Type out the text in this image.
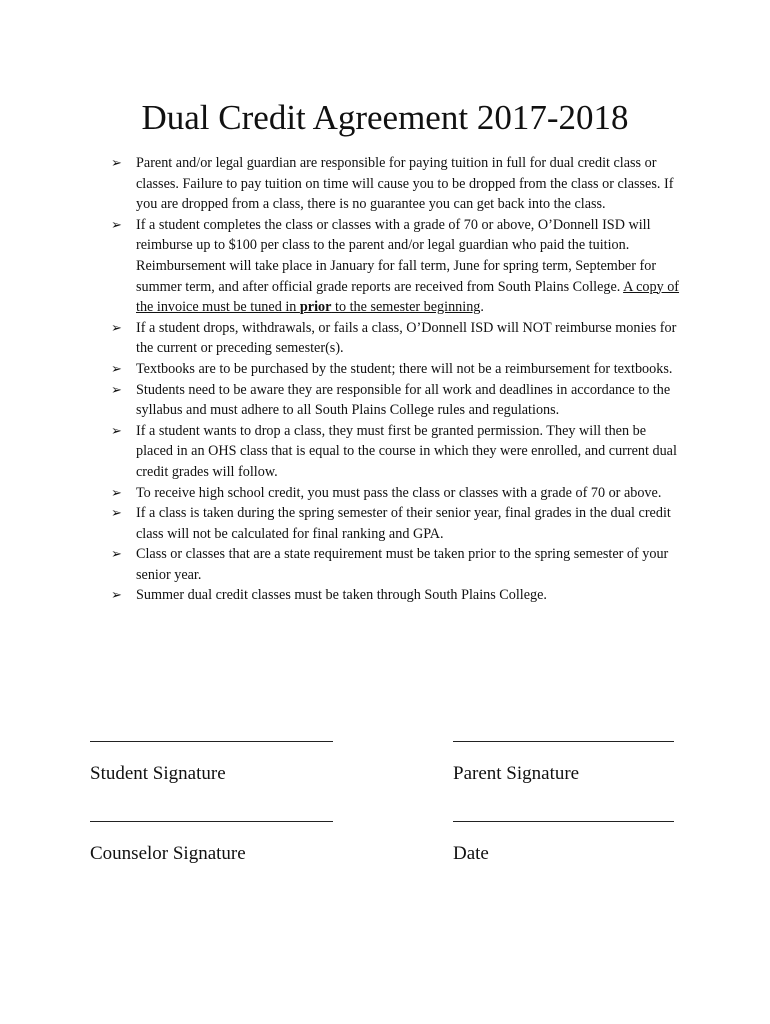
Dual Credit Agreement 2017-2018
➢ Parent and/or legal guardian are responsible for paying tuition in full for dual credit class or classes. Failure to pay tuition on time will cause you to be dropped from the class or classes. If you are dropped from a class, there is no guarantee you can get back into the class.
➢ If a student completes the class or classes with a grade of 70 or above, O’Donnell ISD will reimburse up to $100 per class to the parent and/or legal guardian who paid the tuition. Reimbursement will take place in January for fall term, June for spring term, September for summer term, and after official grade reports are received from South Plains College. A copy of the invoice must be tuned in prior to the semester beginning.
➢ If a student drops, withdrawals, or fails a class, O’Donnell ISD will NOT reimburse monies for the current or preceding semester(s).
➢ Textbooks are to be purchased by the student; there will not be a reimbursement for textbooks.
➢ Students need to be aware they are responsible for all work and deadlines in accordance to the syllabus and must adhere to all South Plains College rules and regulations.
➢ If a student wants to drop a class, they must first be granted permission. They will then be placed in an OHS class that is equal to the course in which they were enrolled, and current dual credit grades will follow.
➢ To receive high school credit, you must pass the class or classes with a grade of 70 or above.
➢ If a class is taken during the spring semester of their senior year, final grades in the dual credit class will not be calculated for final ranking and GPA.
➢ Class or classes that are a state requirement must be taken prior to the spring semester of your senior year.
➢ Summer dual credit classes must be taken through South Plains College.
Student Signature	Parent Signature
Counselor Signature	Date
